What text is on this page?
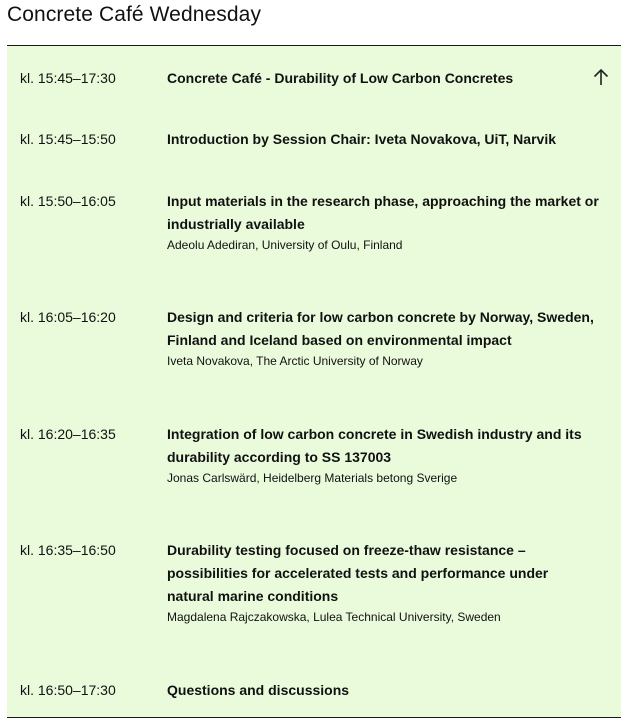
Concrete Café Wednesday
kl. 15:45–17:30	Concrete Café - Durability of Low Carbon Concretes
kl. 15:45–15:50	Introduction by Session Chair: Iveta Novakova, UiT, Narvik
kl. 15:50–16:05	Input materials in the research phase, approaching the market or industrially available
Adeolu Adediran, University of Oulu, Finland
kl. 16:05–16:20	Design and criteria for low carbon concrete by Norway, Sweden, Finland and Iceland based on environmental impact
Iveta Novakova, The Arctic University of Norway
kl. 16:20–16:35	Integration of low carbon concrete in Swedish industry and its durability according to SS 137003
Jonas Carlswärd, Heidelberg Materials betong Sverige
kl. 16:35–16:50	Durability testing focused on freeze-thaw resistance – possibilities for accelerated tests and performance under natural marine conditions
Magdalena Rajczakowska, Lulea Technical University, Sweden
kl. 16:50–17:30	Questions and discussions
